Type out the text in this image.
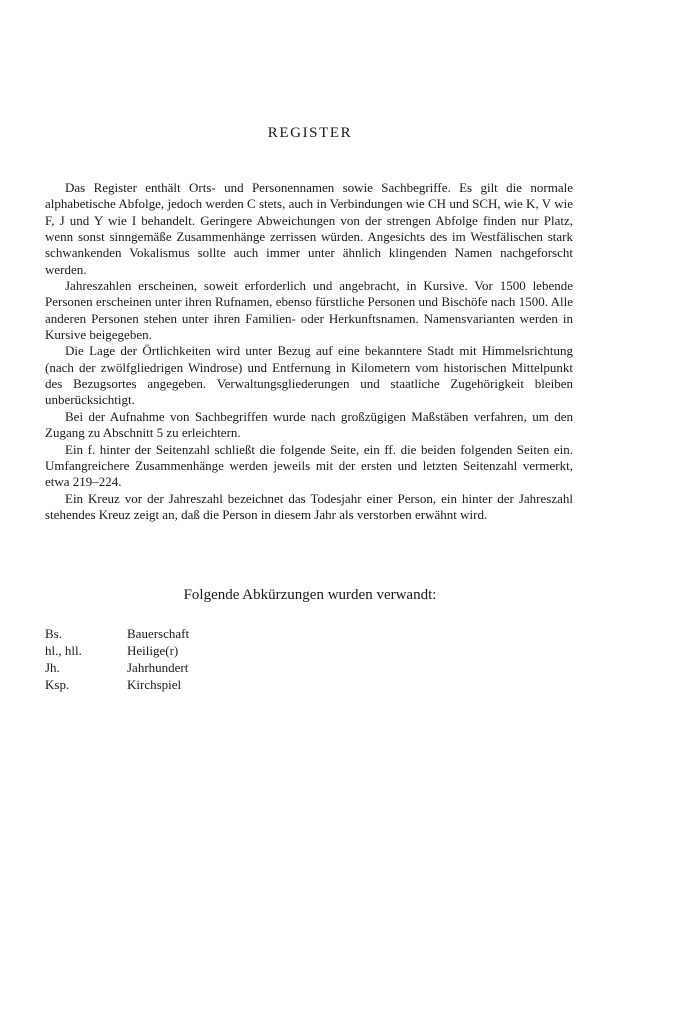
REGISTER

Das Register enthält Orts- und Personennamen sowie Sachbegriffe. Es gilt die normale alphabetische Abfolge, jedoch werden C stets, auch in Verbindungen wie CH und SCH, wie K, V wie F, J und Y wie I behandelt. Geringere Abweichungen von der strengen Abfolge finden nur Platz, wenn sonst sinngemäße Zusammenhänge zerrissen würden. Angesichts des im Westfälischen stark schwankenden Vokalismus sollte auch immer unter ähnlich klingenden Namen nachgeforscht werden.

Jahreszahlen erscheinen, soweit erforderlich und angebracht, in Kursive. Vor 1500 lebende Personen erscheinen unter ihren Rufnamen, ebenso fürstliche Personen und Bischöfe nach 1500. Alle anderen Personen stehen unter ihren Familien- oder Herkunftsnamen. Namensvarianten werden in Kursive beigegeben.

Die Lage der Örtlichkeiten wird unter Bezug auf eine bekanntere Stadt mit Himmelsrichtung (nach der zwölfgliedrigen Windrose) und Entfernung in Kilometern vom historischen Mittelpunkt des Bezugsortes angegeben. Verwaltungsgliederungen und staatliche Zugehörigkeit bleiben unberücksichtigt.

Bei der Aufnahme von Sachbegriffen wurde nach großzügigen Maßstäben verfahren, um den Zugang zu Abschnitt 5 zu erleichtern.

Ein f. hinter der Seitenzahl schließt die folgende Seite, ein ff. die beiden folgenden Seiten ein. Umfangreichere Zusammenhänge werden jeweils mit der ersten und letzten Seitenzahl vermerkt, etwa 219–224.

Ein Kreuz vor der Jahreszahl bezeichnet das Todesjahr einer Person, ein hinter der Jahreszahl stehendes Kreuz zeigt an, daß die Person in diesem Jahr als verstorben erwähnt wird.

Folgende Abkürzungen wurden verwandt:
Bs.	Bauerschaft
hl., hll.	Heilige(r)
Jh.	Jahrhundert
Ksp.	Kirchspiel
